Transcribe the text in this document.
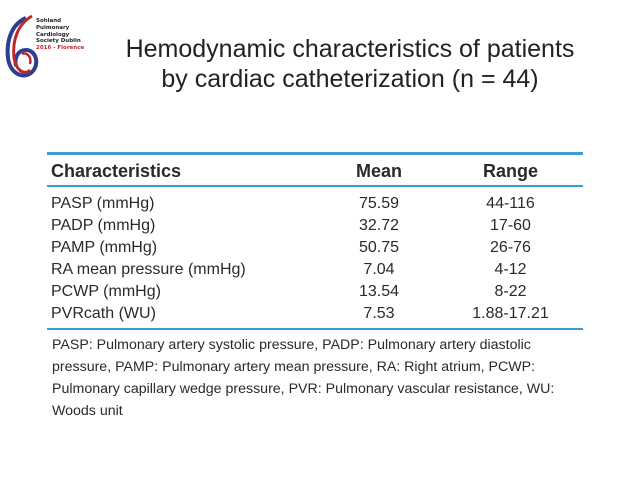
Sohland
Pulmonary
Cardiology
Society Dublin
2016 - Florence	Hemodynamic characteristics of patients
by cardiac catheterization (n = 44)
Characteristics	Mean	Range

PASP (mmHg)	75.59	44-116
PADP (mmHg)	32.72	17-60
PAMP (mmHg)	50.75	26-76
RA mean pressure (mmHg)	7.04	4-12
PCWP (mmHg)	13.54	8-22
PVRcath (WU)	7.53	1.88-17.21
PASP: Pulmonary artery systolic pressure, PADP: Pulmonary artery diastolic pressure, PAMP: Pulmonary artery mean pressure, RA: Right atrium, PCWP: Pulmonary capillary wedge pressure, PVR: Pulmonary vascular resistance, WU: Woods unit
